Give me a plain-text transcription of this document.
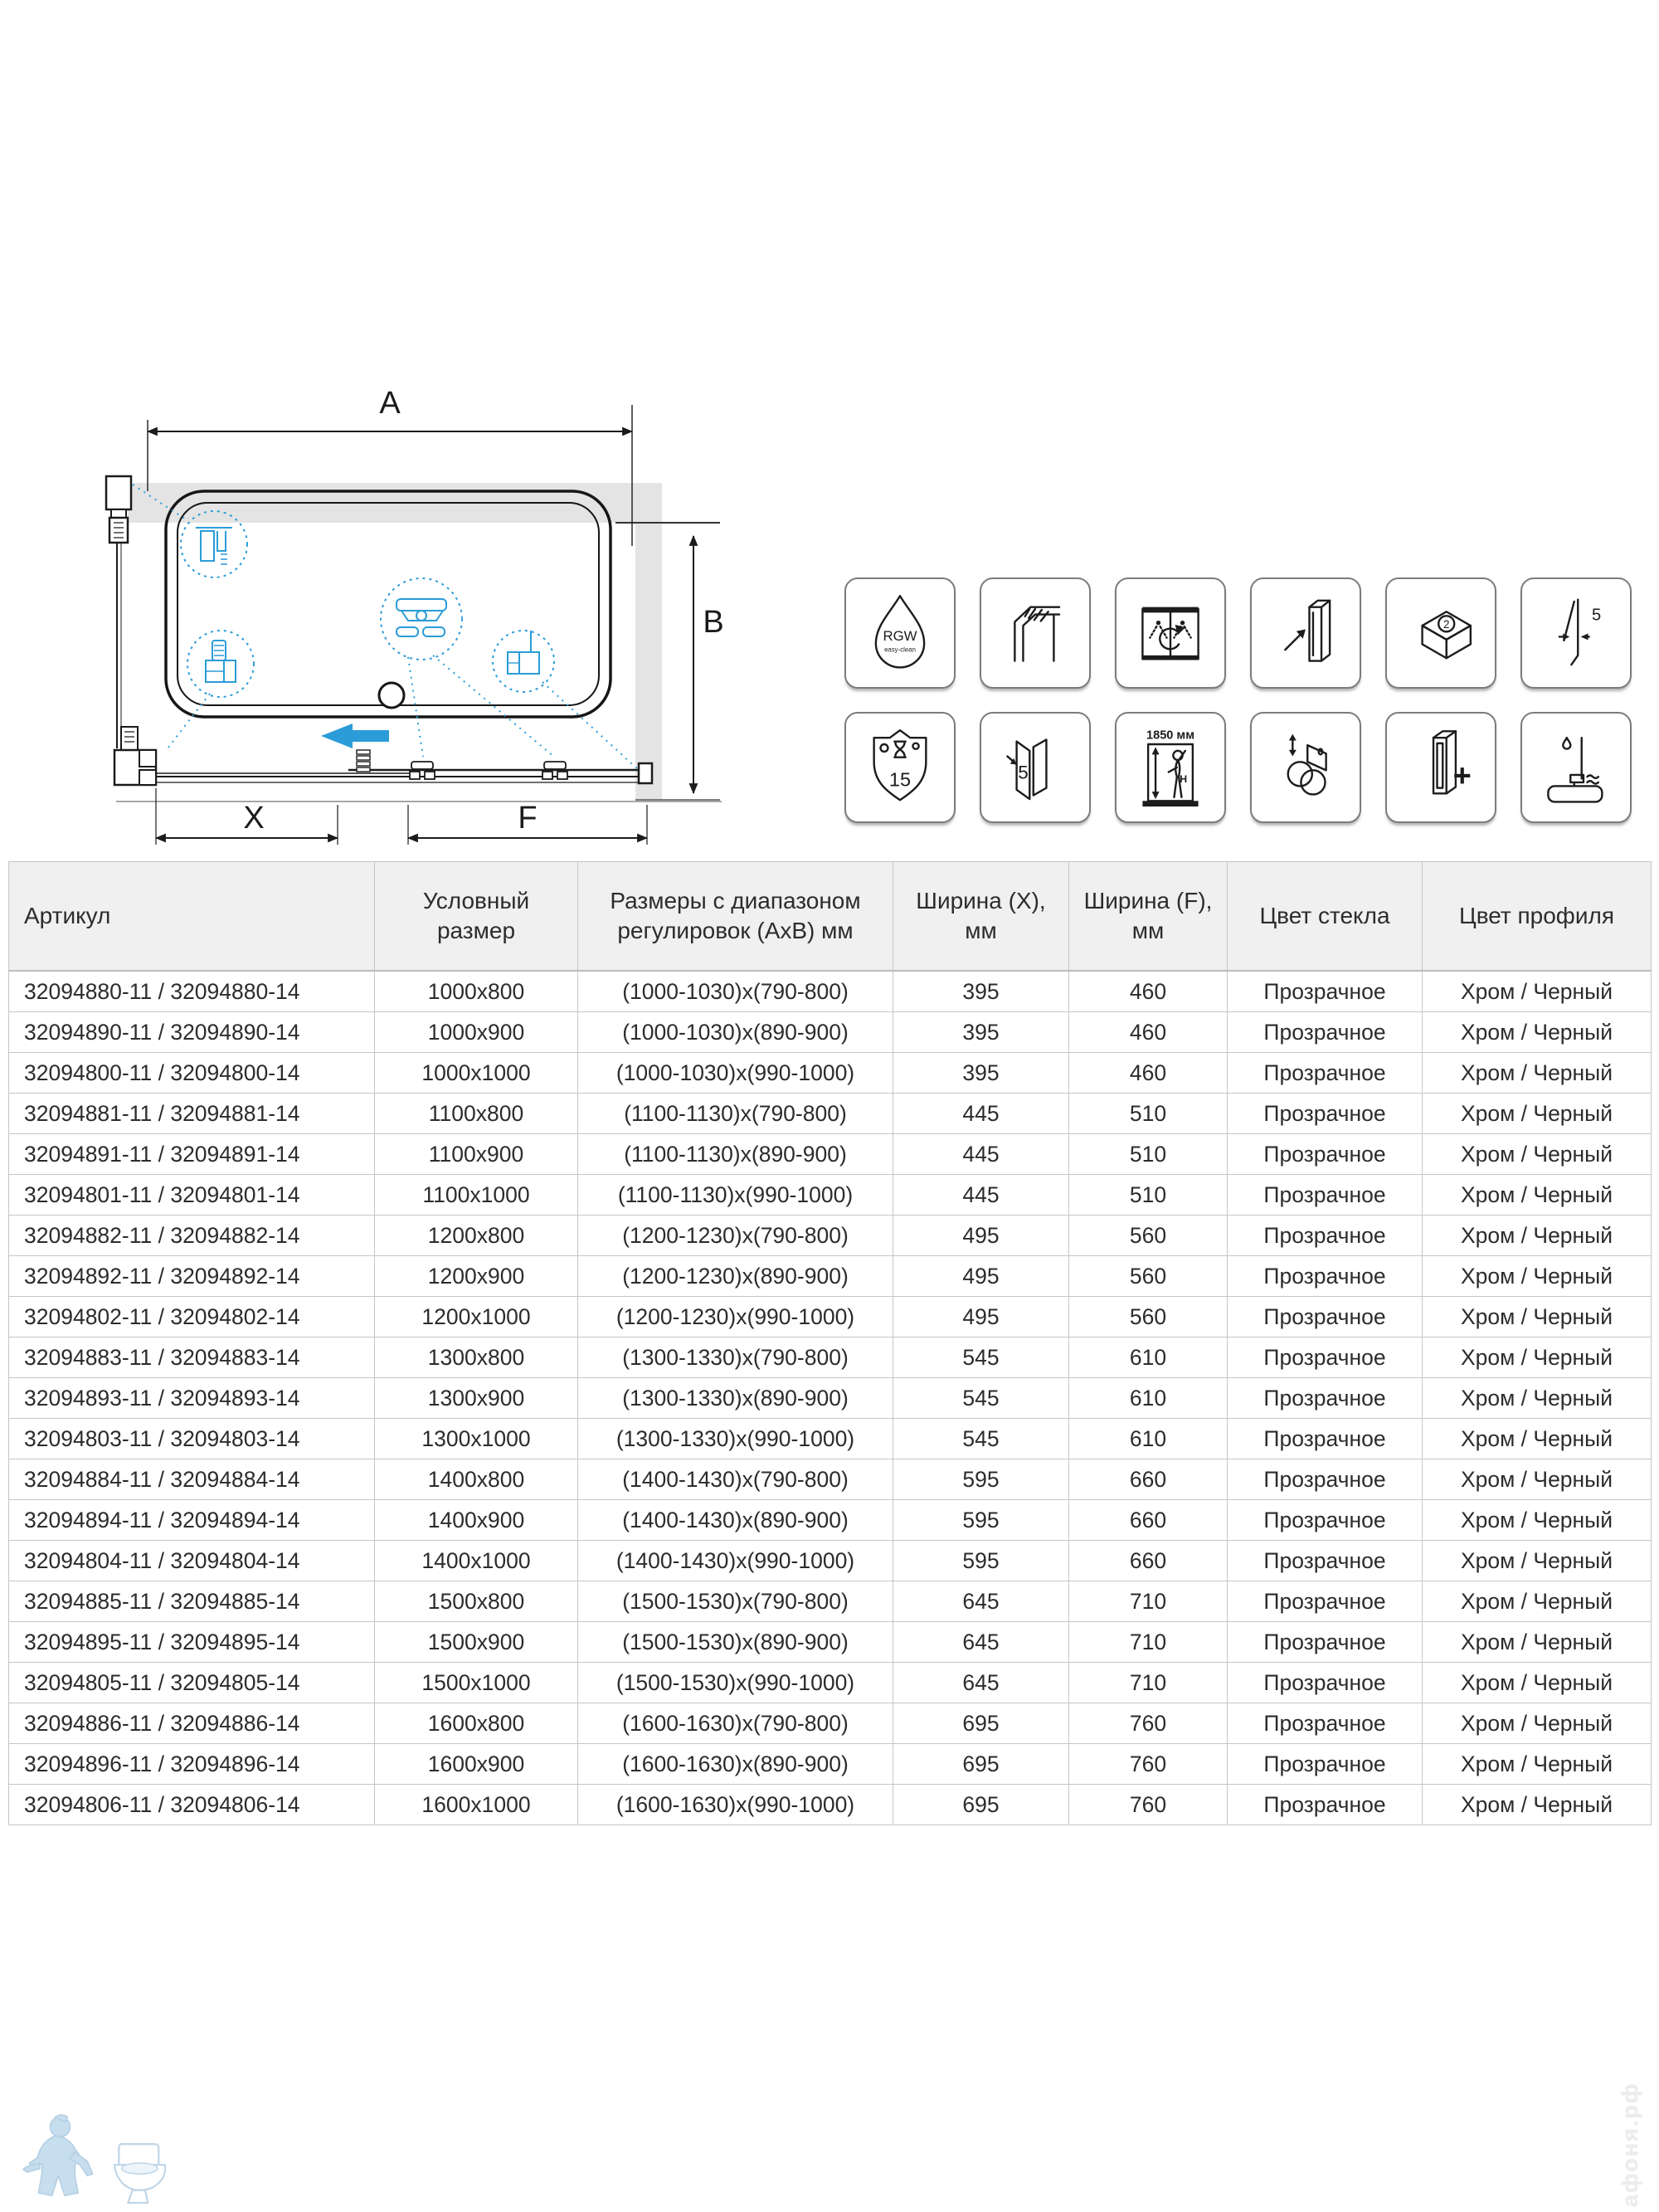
A
B
X	F
RGW
easy-clean
2
5
15	5
1850 мм
H	+
Артикул	Условный размер	Размеры с диапазоном регулировок (АхВ) мм	Ширина (X), мм	Ширина (F), мм	Цвет стекла	Цвет профиля
32094880-11 / 32094880-14	1000x800	(1000-1030)x(790-800)	395	460	Прозрачное	Хром / Черный
32094890-11 / 32094890-14	1000x900	(1000-1030)x(890-900)	395	460	Прозрачное	Хром / Черный
32094800-11 / 32094800-14	1000x1000	(1000-1030)x(990-1000)	395	460	Прозрачное	Хром / Черный
32094881-11 / 32094881-14	1100x800	(1100-1130)x(790-800)	445	510	Прозрачное	Хром / Черный
32094891-11 / 32094891-14	1100x900	(1100-1130)x(890-900)	445	510	Прозрачное	Хром / Черный
32094801-11 / 32094801-14	1100x1000	(1100-1130)x(990-1000)	445	510	Прозрачное	Хром / Черный
32094882-11 / 32094882-14	1200x800	(1200-1230)x(790-800)	495	560	Прозрачное	Хром / Черный
32094892-11 / 32094892-14	1200x900	(1200-1230)x(890-900)	495	560	Прозрачное	Хром / Черный
32094802-11 / 32094802-14	1200x1000	(1200-1230)x(990-1000)	495	560	Прозрачное	Хром / Черный
32094883-11 / 32094883-14	1300x800	(1300-1330)x(790-800)	545	610	Прозрачное	Хром / Черный
32094893-11 / 32094893-14	1300x900	(1300-1330)x(890-900)	545	610	Прозрачное	Хром / Черный
32094803-11 / 32094803-14	1300x1000	(1300-1330)x(990-1000)	545	610	Прозрачное	Хром / Черный
32094884-11 / 32094884-14	1400x800	(1400-1430)x(790-800)	595	660	Прозрачное	Хром / Черный
32094894-11 / 32094894-14	1400x900	(1400-1430)x(890-900)	595	660	Прозрачное	Хром / Черный
32094804-11 / 32094804-14	1400x1000	(1400-1430)x(990-1000)	595	660	Прозрачное	Хром / Черный
32094885-11 / 32094885-14	1500x800	(1500-1530)x(790-800)	645	710	Прозрачное	Хром / Черный
32094895-11 / 32094895-14	1500x900	(1500-1530)x(890-900)	645	710	Прозрачное	Хром / Черный
32094805-11 / 32094805-14	1500x1000	(1500-1530)x(990-1000)	645	710	Прозрачное	Хром / Черный
32094886-11 / 32094886-14	1600x800	(1600-1630)x(790-800)	695	760	Прозрачное	Хром / Черный
32094896-11 / 32094896-14	1600x900	(1600-1630)x(890-900)	695	760	Прозрачное	Хром / Черный
32094806-11 / 32094806-14	1600x1000	(1600-1630)x(990-1000)	695	760	Прозрачное	Хром / Черный
афоня.рф
